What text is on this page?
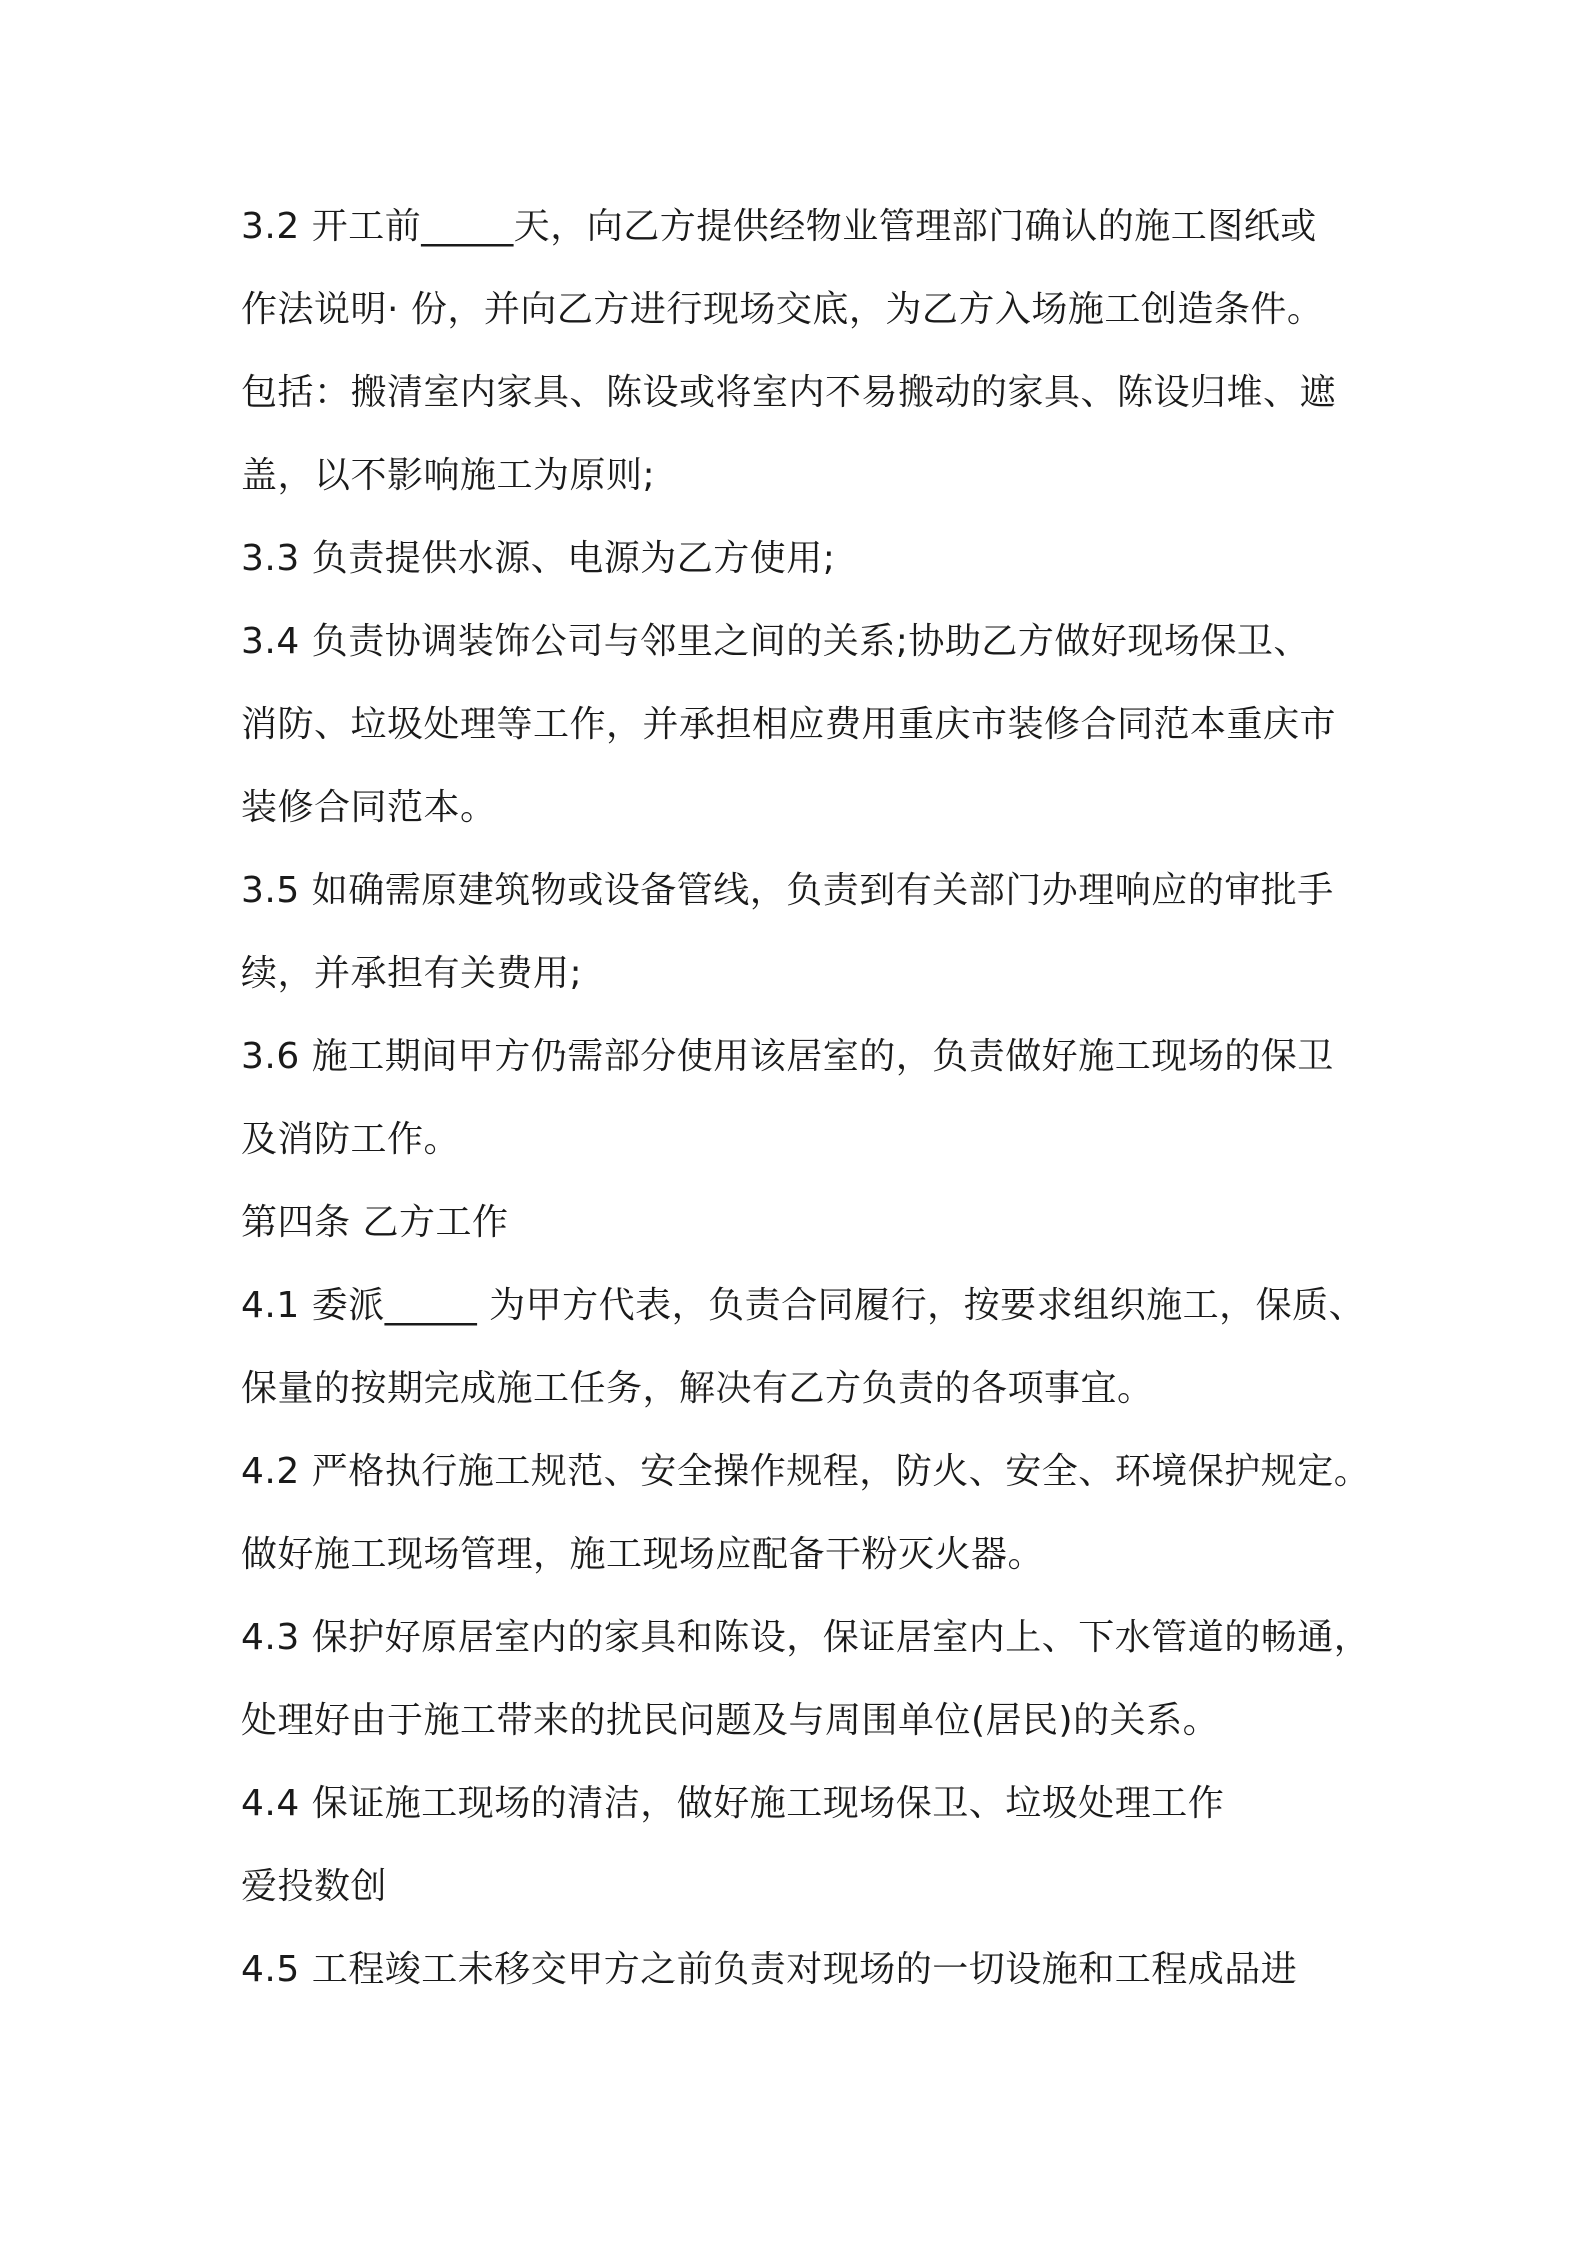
3.2 开工前_____天，向乙方提供经物业管理部门确认的施工图纸或
作法说明· 份，并向乙方进行现场交底，为乙方入场施工创造条件。
包括：搬清室内家具、陈设或将室内不易搬动的家具、陈设归堆、遮
盖，以不影响施工为原则;
3.3 负责提供水源、电源为乙方使用;
3.4 负责协调装饰公司与邻里之间的关系;协助乙方做好现场保卫、
消防、垃圾处理等工作，并承担相应费用重庆市装修合同范本重庆市
装修合同范本。
3.5 如确需原建筑物或设备管线，负责到有关部门办理响应的审批手
续，并承担有关费用;
3.6 施工期间甲方仍需部分使用该居室的，负责做好施工现场的保卫
及消防工作。
第四条 乙方工作
4.1 委派_____ 为甲方代表，负责合同履行，按要求组织施工，保质、
保量的按期完成施工任务，解决有乙方负责的各项事宜。
4.2 严格执行施工规范、安全操作规程，防火、安全、环境保护规定。
做好施工现场管理，施工现场应配备干粉灭火器。
4.3 保护好原居室内的家具和陈设，保证居室内上、下水管道的畅通，
处理好由于施工带来的扰民问题及与周围单位(居民)的关系。
4.4 保证施工现场的清洁，做好施工现场保卫、垃圾处理工作
爱投数创
4.5 工程竣工未移交甲方之前负责对现场的一切设施和工程成品进
